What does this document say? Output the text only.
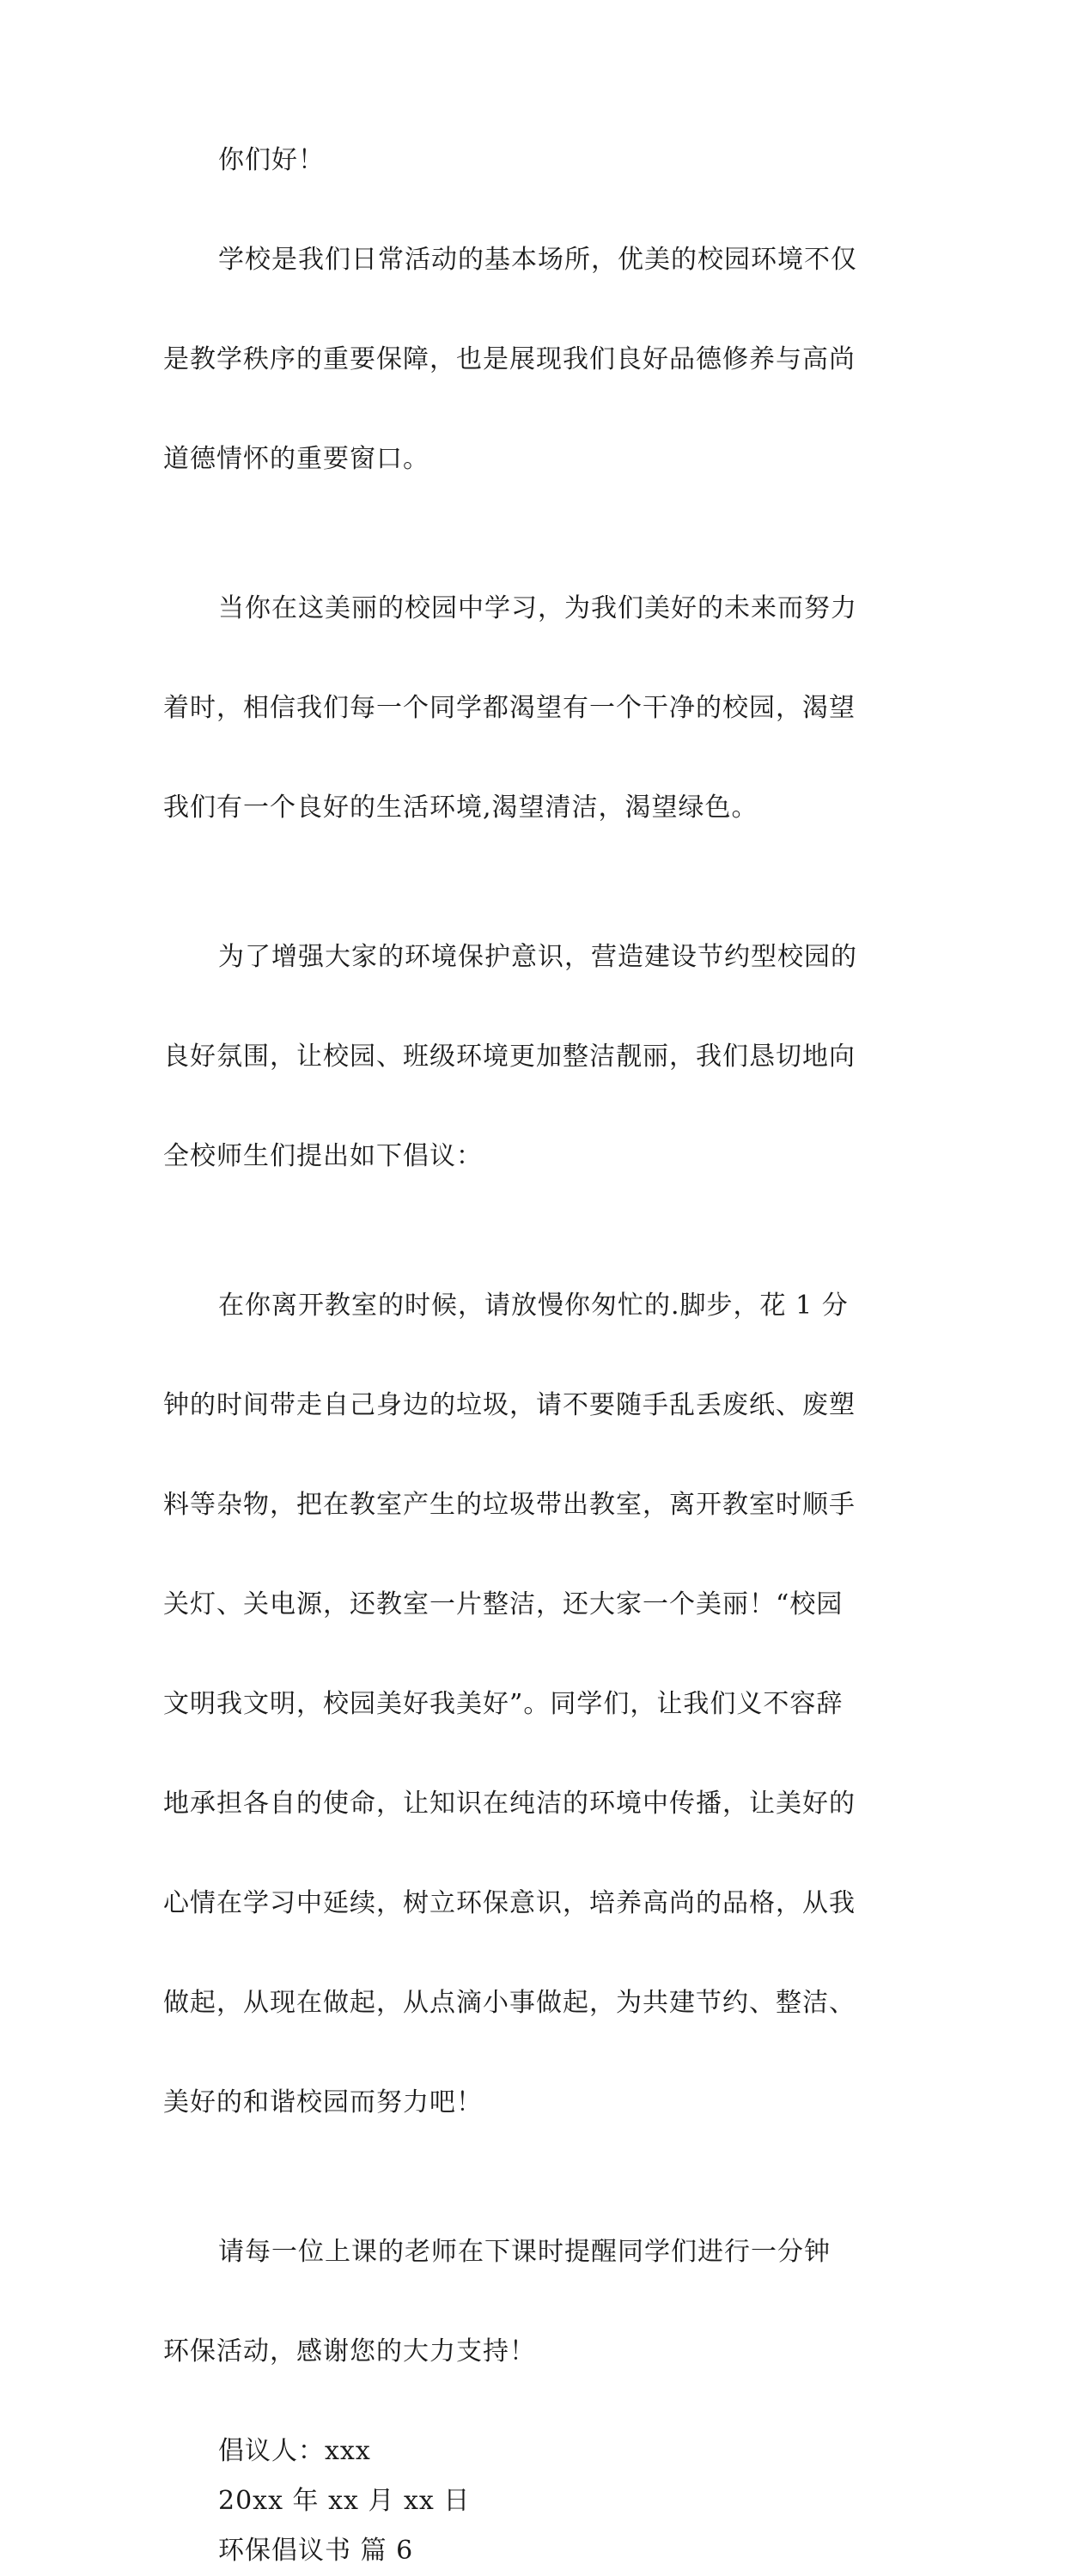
你们好！

学校是我们日常活动的基本场所，优美的校园环境不仅

是教学秩序的重要保障，也是展现我们良好品德修养与高尚

道德情怀的重要窗口。

当你在这美丽的校园中学习，为我们美好的未来而努力

着时，相信我们每一个同学都渴望有一个干净的校园，渴望

我们有一个良好的生活环境,渴望清洁，渴望绿色。

为了增强大家的环境保护意识，营造建设节约型校园的

良好氛围，让校园、班级环境更加整洁靓丽，我们恳切地向

全校师生们提出如下倡议：

在你离开教室的时候，请放慢你匆忙的.脚步，花 1 分

钟的时间带走自己身边的垃圾，请不要随手乱丢废纸、废塑

料等杂物，把在教室产生的垃圾带出教室，离开教室时顺手

关灯、关电源，还教室一片整洁，还大家一个美丽！“校园

文明我文明，校园美好我美好”。同学们，让我们义不容辞

地承担各自的使命，让知识在纯洁的环境中传播，让美好的

心情在学习中延续，树立环保意识，培养高尚的品格，从我

做起，从现在做起，从点滴小事做起，为共建节约、整洁、

美好的和谐校园而努力吧！

请每一位上课的老师在下课时提醒同学们进行一分钟

环保活动，感谢您的大力支持！

倡议人：xxx
20xx 年 xx 月 xx 日
环保倡议书 篇 6
